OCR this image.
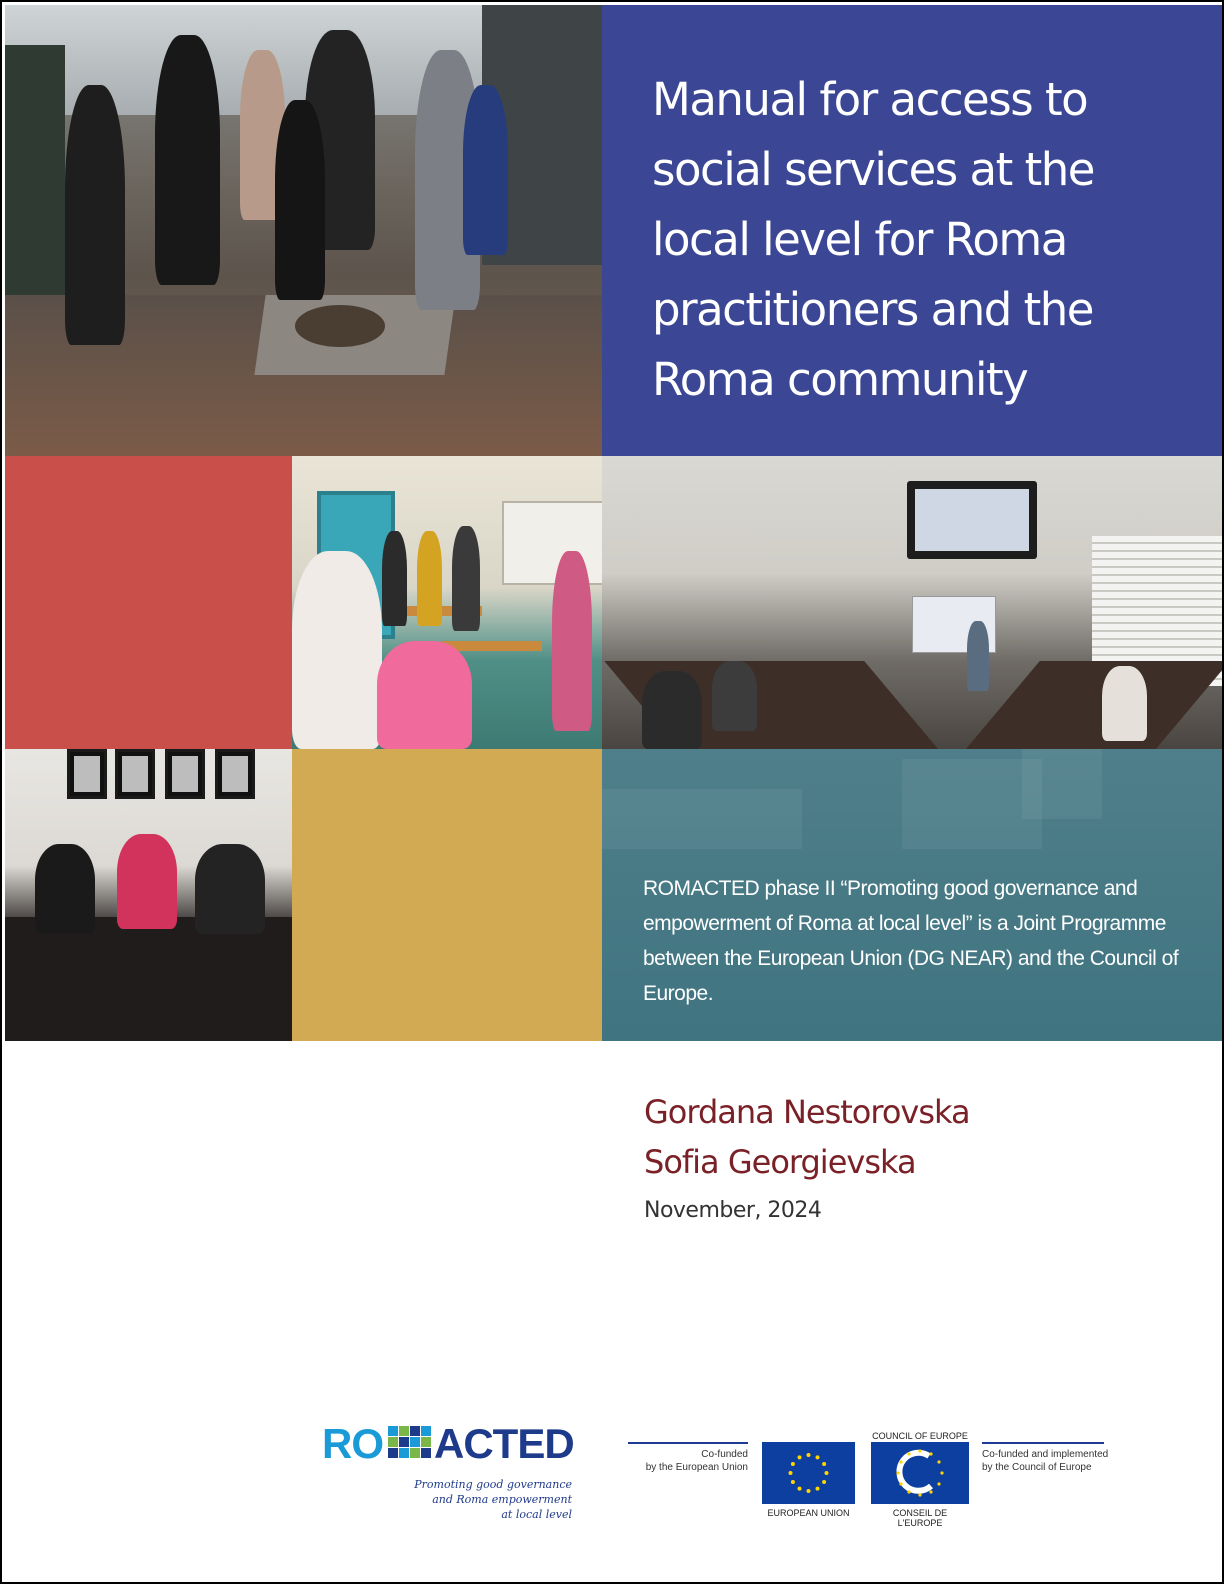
Manual for access to social services at the local level for Roma practitioners and the Roma community

ROMACTED phase II “Promoting good governance and empowerment of Roma at local level” is a Joint Programme between the European Union (DG NEAR) and the Council of Europe.

Gordana Nestorovska
Sofia Georgievska
November, 2024
RO ACTED
Promoting good governance
and Roma empowerment
at local level
Co-funded
by the European Union
EUROPEAN UNION
COUNCIL OF EUROPE
CONSEIL DE L'EUROPE
Co-funded and implemented
by the Council of Europe
